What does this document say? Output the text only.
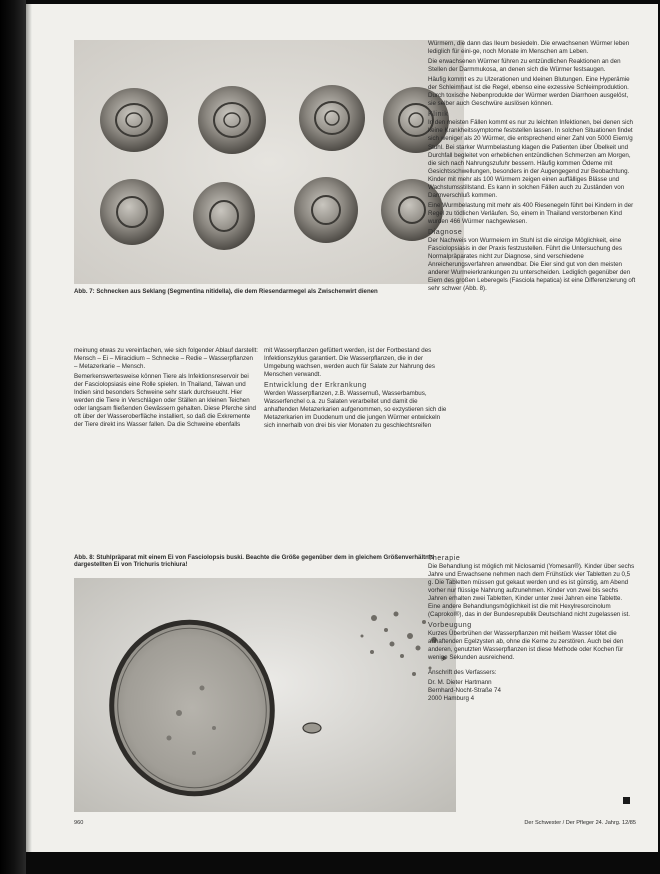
Abb. 7: Schnecken aus Seklang (Segmentina nitidella), die dem Riesendarmegel als Zwischenwirt dienen

Würmern, die dann das Ileum besiedeln. Die erwachsenen Würmer leben lediglich für eini-ge, noch Monate im Menschen am Leben.

Die erwachsenen Würmer führen zu entzündlichen Reaktionen an den Stellen der Darmmukosa, an denen sich die Würmer festsaugen.

Häufig kommt es zu Ulzerationen und kleinen Blutungen. Eine Hyperämie der Schleimhaut ist die Regel, ebenso eine exzessive Schleimproduktion. Durch toxische Nebenprodukte der Würmer werden Diarrhoen ausgelöst, sie selber auch Geschwüre auslösen können.

Klinik

In den meisten Fällen kommt es nur zu leichten Infektionen, bei denen sich keine Krankheitssymptome feststellen lassen. In solchen Situationen findet sich weniger als 20 Würmer, die entsprechend einer Zahl von 5000 Eiern/g Stuhl. Bei starker Wurmbelastung klagen die Patienten über Übelkeit und Durchfall begleitet von erheblichen entzündlichen Schmerzen am Morgen, die sich nach Nahrungszufuhr bessern. Häufig kommen Ödeme mit Gesichtsschwellungen, besonders in der Augengegend zur Beobachtung. Kinder mit mehr als 100 Würmern zeigen einen auffälliges Blässe und Wachstumsstillstand. Es kann in solchen Fällen auch zu Zuständen von Darmverschluß kommen.

Eine Wurmbelastung mit mehr als 400 Riesenegeln führt bei Kindern in der Regel zu tödlichen Verläufen. So, einem in Thailand verstorbenen Kind wurden 466 Würmer nachgewiesen.

Diagnose

Der Nachweis von Wurmeiern im Stuhl ist die einzige Möglichkeit, eine Fasciolopsiasis in der Praxis festzustellen. Führt die Untersuchung des Normalpräparates nicht zur Diagnose, sind verschiedene Anreicherungsverfahren anwendbar. Die Eier sind gut von den meisten anderer Wurmeierkrankungen zu unterscheiden. Lediglich gegenüber den Eiern des großen Leberegels (Fasciola hepatica) ist eine Differenzierung oft sehr schwer (Abb. 8).

meinung etwas zu vereinfachen, wie sich folgender Ablauf darstellt: Mensch – Ei – Miracidium – Schnecke – Redie – Wasserpflanzen – Metazerkarie – Mensch.

Bemerkenswertesweise können Tiere als Infektionsreservoir bei der Fasciolopsiasis eine Rolle spielen. In Thailand, Taiwan und Indien sind besonders Schweine sehr stark durchseucht. Hier werden die Tiere in Verschlägen oder Ställen an kleinen Teichen oder langsam fließenden Gewässern gehalten. Diese Pferche sind oft über der Wasseroberfläche installiert, so daß die Exkremente der Tiere direkt ins Wasser fallen. Da die Schweine ebenfalls

mit Wasserpflanzen gefüttert werden, ist der Fortbestand des Infektionszyklus garantiert. Die Wasserpflanzen, die in der Umgebung wachsen, werden auch für Salate zur Nahrung des Menschen verwandt.

Entwicklung der Erkrankung

Werden Wasserpflanzen, z.B. Wassernuß, Wasserbambus, Wasserfenchel o.a. zu Salaten verarbeitet und damit die anhaftenden Metazerkarien aufgenommen, so exzystieren sich die Metazerkarien im Duodenum und die jungen Würmer entwickeln sich innerhalb von drei bis vier Monaten zu geschlechtsreifen

Abb. 8: Stuhlpräparat mit einem Ei von Fasciolopsis buski. Beachte die Größe gegenüber dem in gleichem Größenverhältnis dargestellten Ei von Trichuris trichiura!
Therapie

Die Behandlung ist möglich mit Niclosamid (Yomesan®). Kinder über sechs Jahre und Erwachsene nehmen nach dem Frühstück vier Tabletten zu 0,5 g. Die Tabletten müssen gut gekaut werden und es ist günstig, am Abend vorher nur flüssige Nahrung aufzunehmen. Kinder von zwei bis sechs Jahren erhalten zwei Tabletten, Kinder unter zwei Jahren eine Tablette. Eine andere Behandlungsmöglichkeit ist die mit Hexylresorcinolum (Caprokol®), das in der Bundesrepublik Deutschland nicht zugelassen ist.

Vorbeugung

Kurzes Überbrühen der Wasserpflanzen mit heißem Wasser tötet die anhaftenden Egelzysten ab, ohne die Kerne zu zerstören. Auch bei den anderen, genutzten Wasserpflanzen ist diese Methode oder Kochen für wenige Sekunden ausreichend.

Anschrift des Verfassers:

Dr. M. Dieter Hartmann

Bernhard-Nocht-Straße 74

2000 Hamburg 4

960	Der Schwester / Der Pfleger 24. Jahrg. 12/85
